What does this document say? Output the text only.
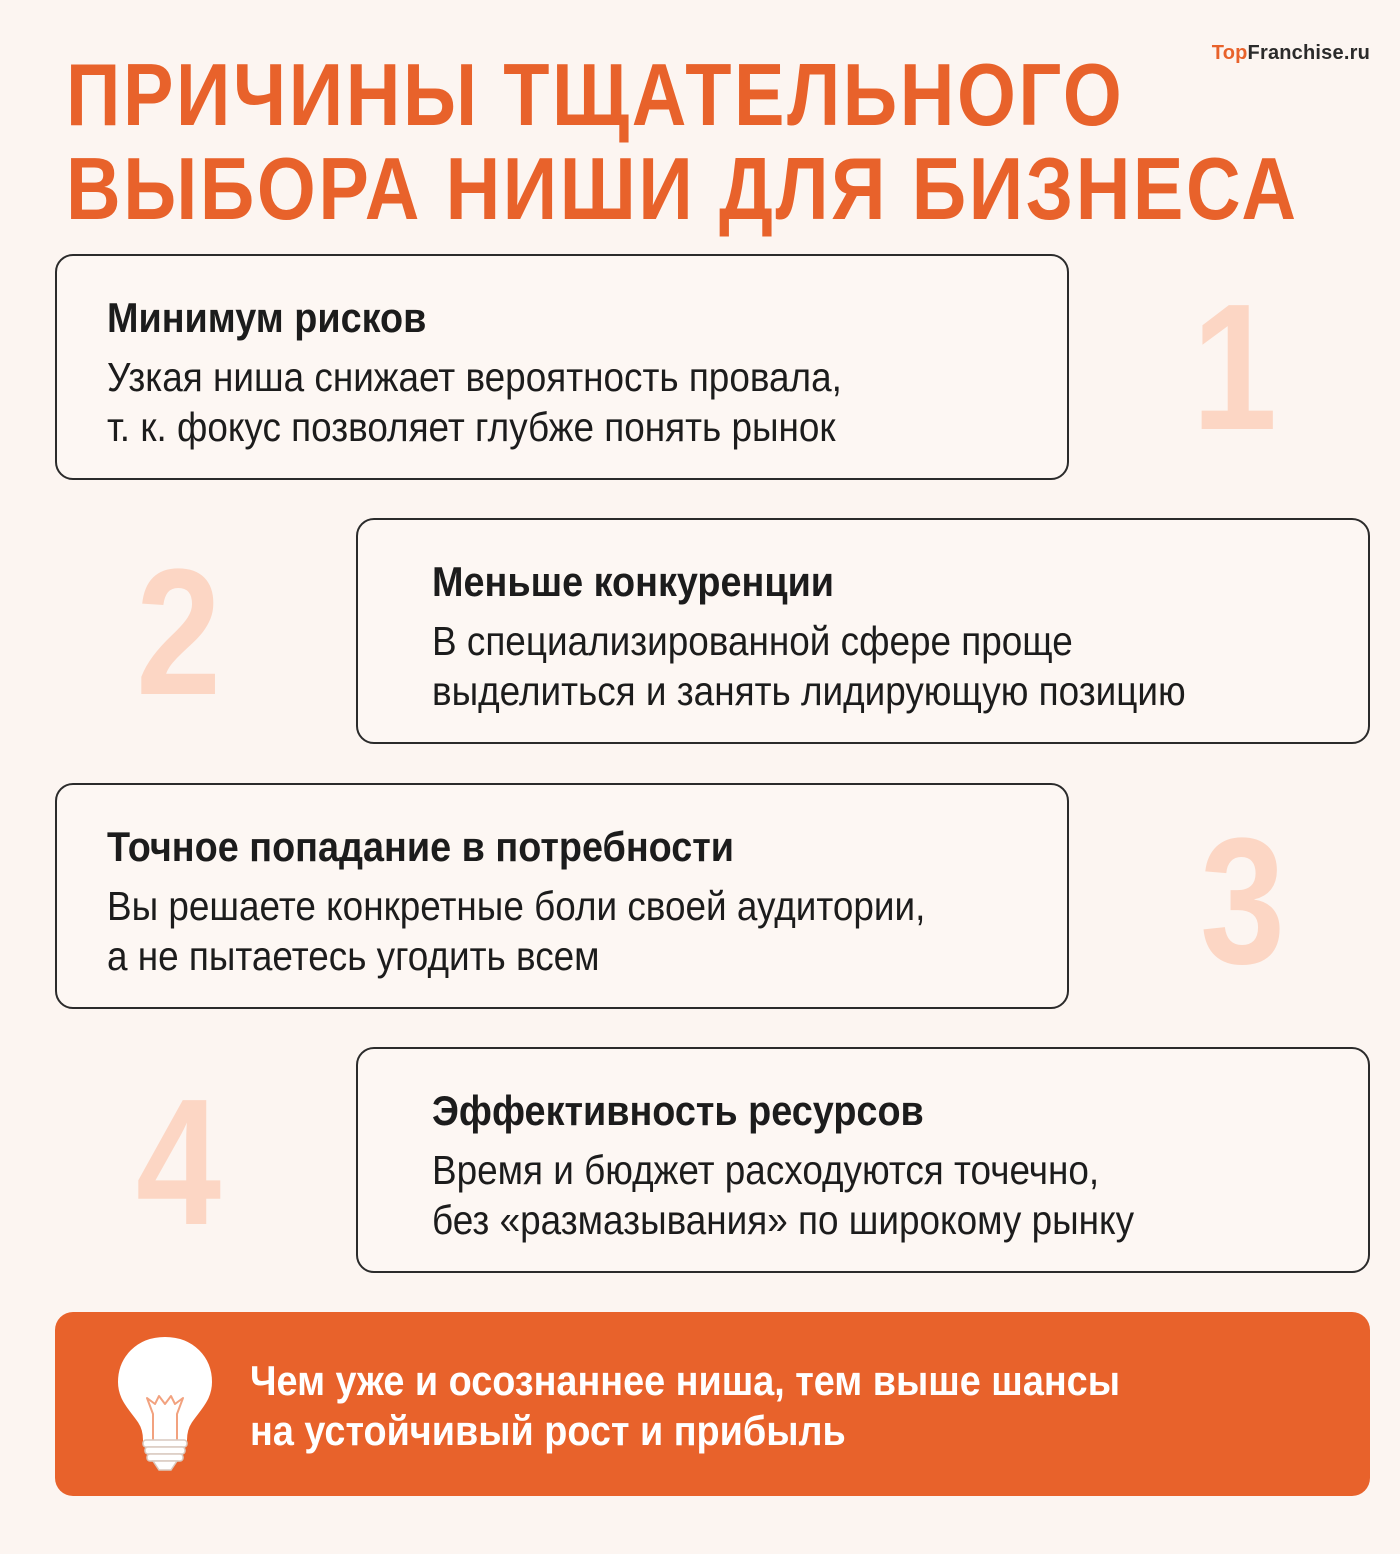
TopFranchise.ru
ПРИЧИНЫ ТЩАТЕЛЬНОГО
ВЫБОРА НИШИ ДЛЯ БИЗНЕСА
Минимум рисков
Узкая ниша снижает вероятность провала,
т. к. фокус позволяет глубже понять рынок 1
2	Меньше конкуренции
В специализированной сфере проще
выделиться и занять лидирующую позицию
Точное попадание в потребности
Вы решаете конкретные боли своей аудитории,
а не пытаетесь угодить всем	3
4	Эффективность ресурсов
Время и бюджет расходуются точечно,
без «размазывания» по широкому рынку
Чем уже и осознаннее ниша, тем выше шансы
на устойчивый рост и прибыль
